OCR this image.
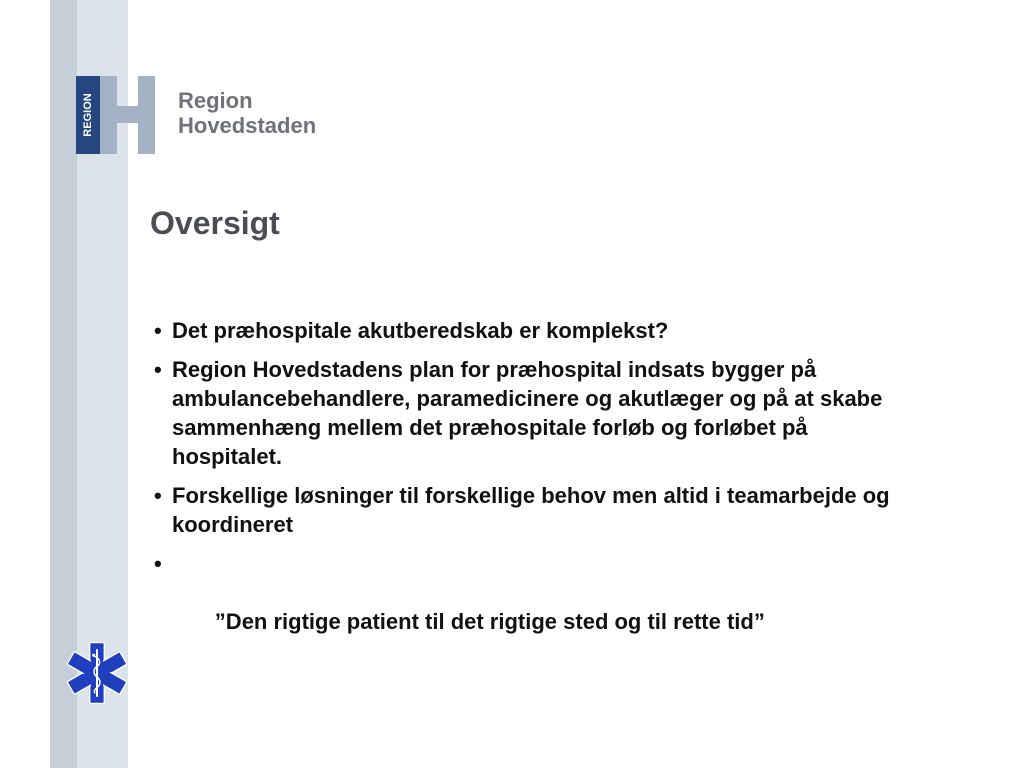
REGION	Region
Hovedstaden
Oversigt
• Det præhospitale akutberedskab er komplekst?
• Region Hovedstadens plan for præhospital indsats bygger på ambulancebehandlere, paramedicinere og akutlæger og på at skabe sammenhæng mellem det præhospitale forløb og forløbet på hospitalet.
• Forskellige løsninger til forskellige behov men altid i teamarbejde og koordineret

•

”Den rigtige patient til det rigtige sted og til rette tid”
